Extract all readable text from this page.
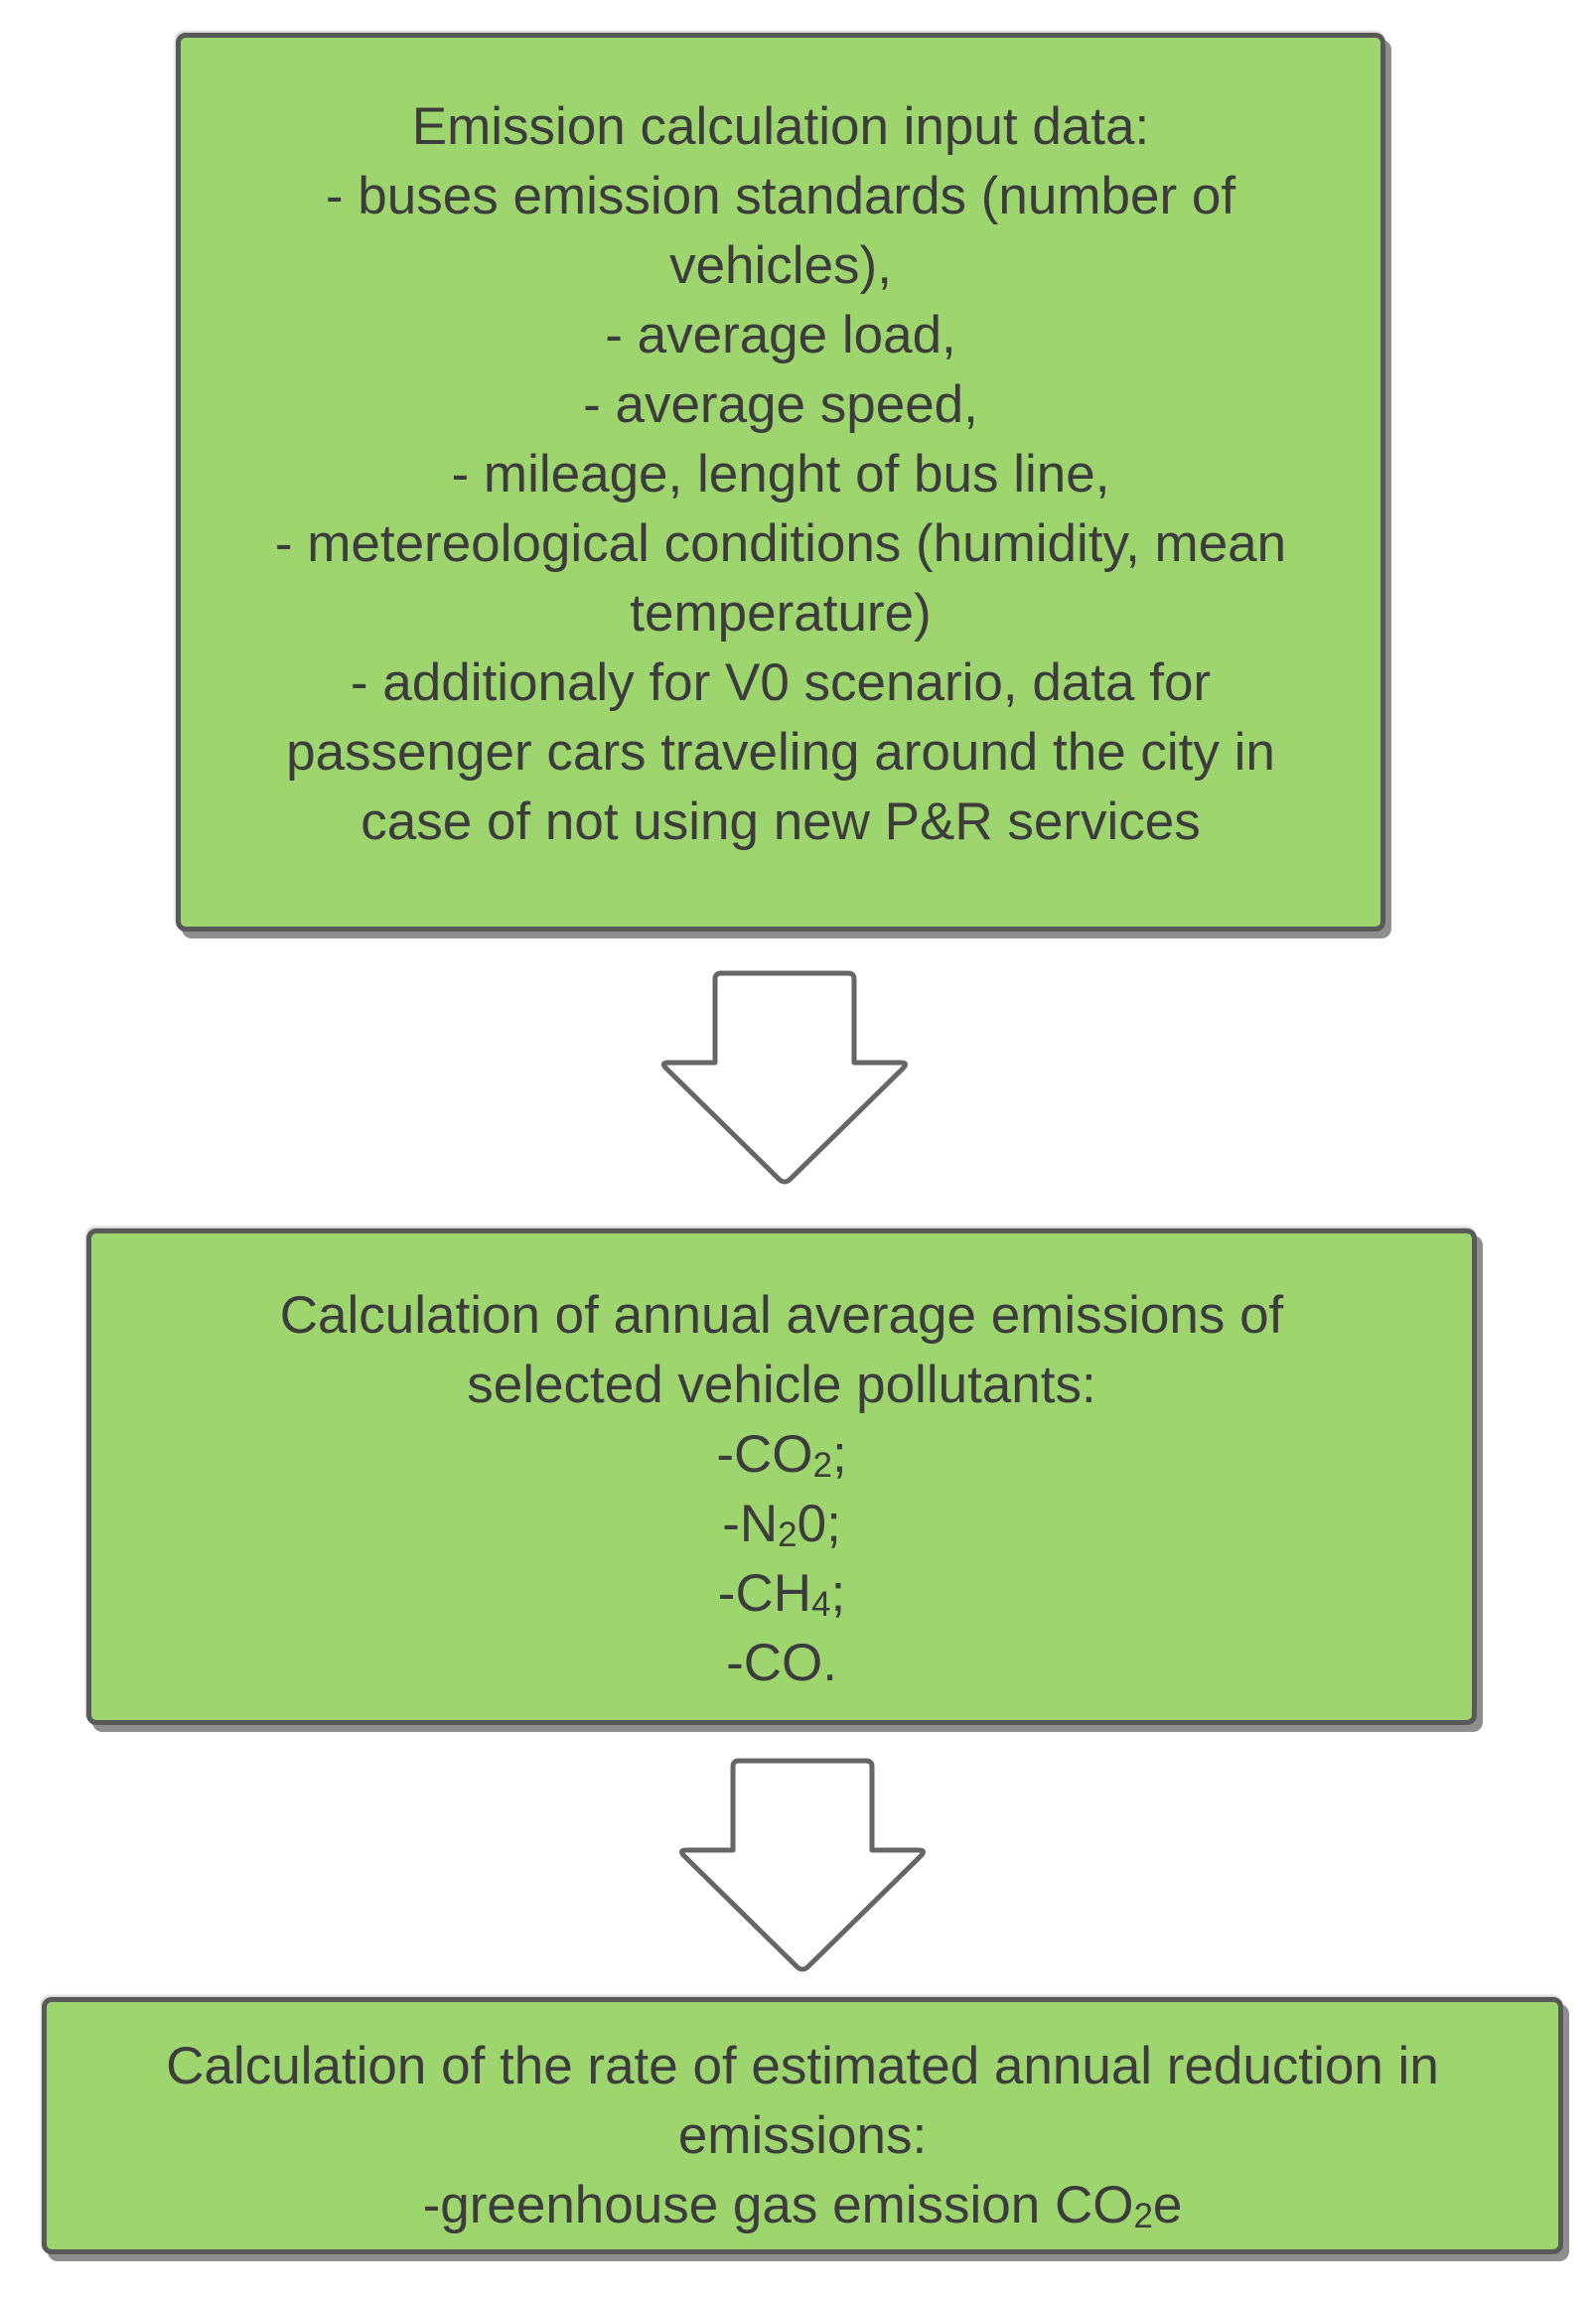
Emission calculation input data:
- buses emission standards (number of
vehicles),
- average load,
- average speed,
- mileage, lenght of bus line,
- metereological conditions (humidity, mean
temperature)
- additionaly for V0 scenario, data for
passenger cars traveling around the city in
case of not using new P&R services
Calculation of annual average emissions of
selected vehicle pollutants:
$-CO_2$;
$-N_20$;
$-CH_4$;
-CO.
Calculation of the rate of estimated annual reduction in
emissions:
-greenhouse gas emission $CO_2e$
